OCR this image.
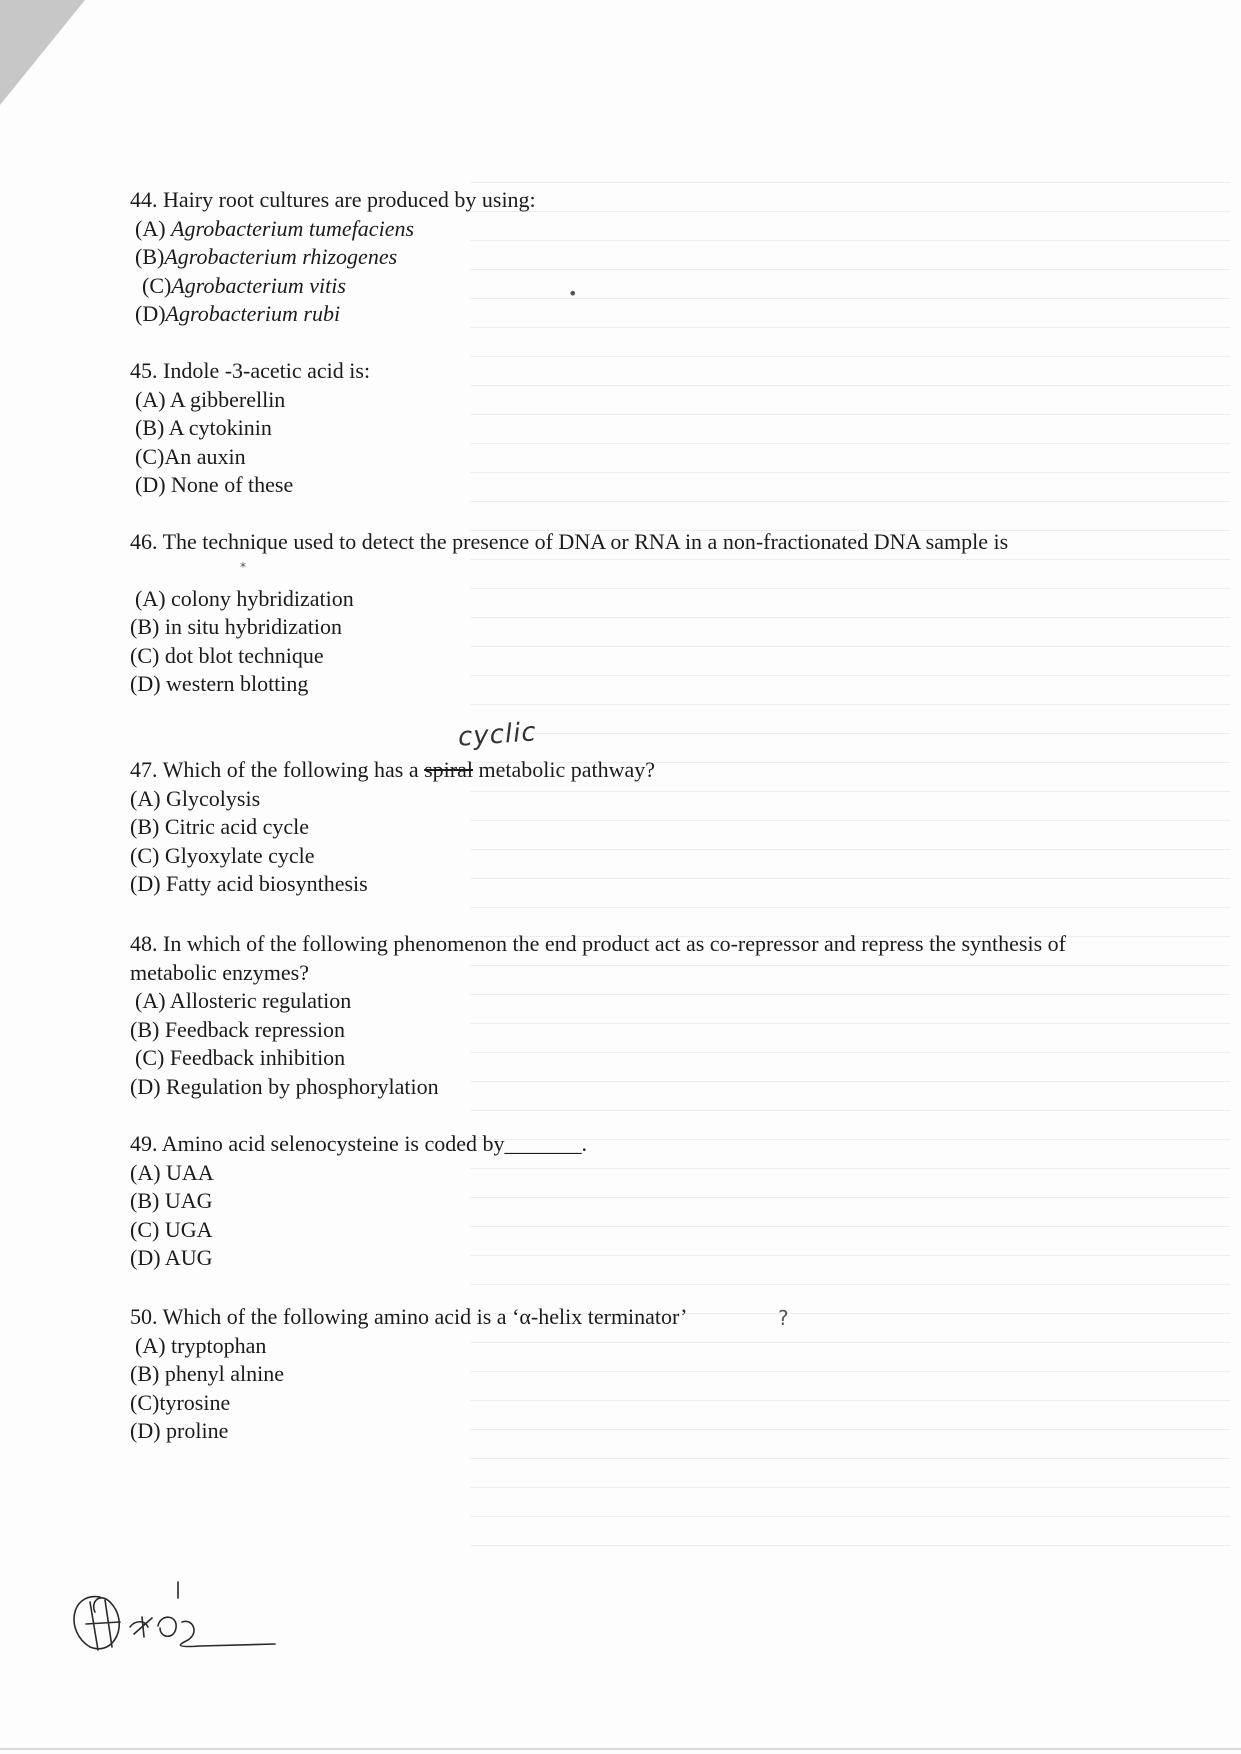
44. Hairy root cultures are produced by using:

(A) Agrobacterium tumefaciens

(B)Agrobacterium rhizogenes

(C)Agrobacterium vitis

(D)Agrobacterium rubi

45. Indole -3-acetic acid is:

(A) A gibberellin

(B) A cytokinin

(C)An auxin

(D) None of these

46. The technique used to detect the presence of DNA or RNA in a non-fractionated DNA sample is

(A) colony hybridization

(B) in situ hybridization

(C) dot blot technique

(D) western blotting

47. Which of the following has a spiral metabolic pathway?

(A) Glycolysis

(B) Citric acid cycle

(C) Glyoxylate cycle

(D) Fatty acid biosynthesis

cyclic

48. In which of the following phenomenon the end product act as co-repressor and repress the synthesis of metabolic enzymes?

(A) Allosteric regulation

(B) Feedback repression

(C) Feedback inhibition

(D) Regulation by phosphorylation

49. Amino acid selenocysteine is coded by_______.

(A) UAA

(B) UAG

(C) UGA

(D) AUG

50. Which of the following amino acid is a ‘α-helix terminator’

(A) tryptophan

(B) phenyl alnine

(C)tyrosine

(D) proline

?
•
*
